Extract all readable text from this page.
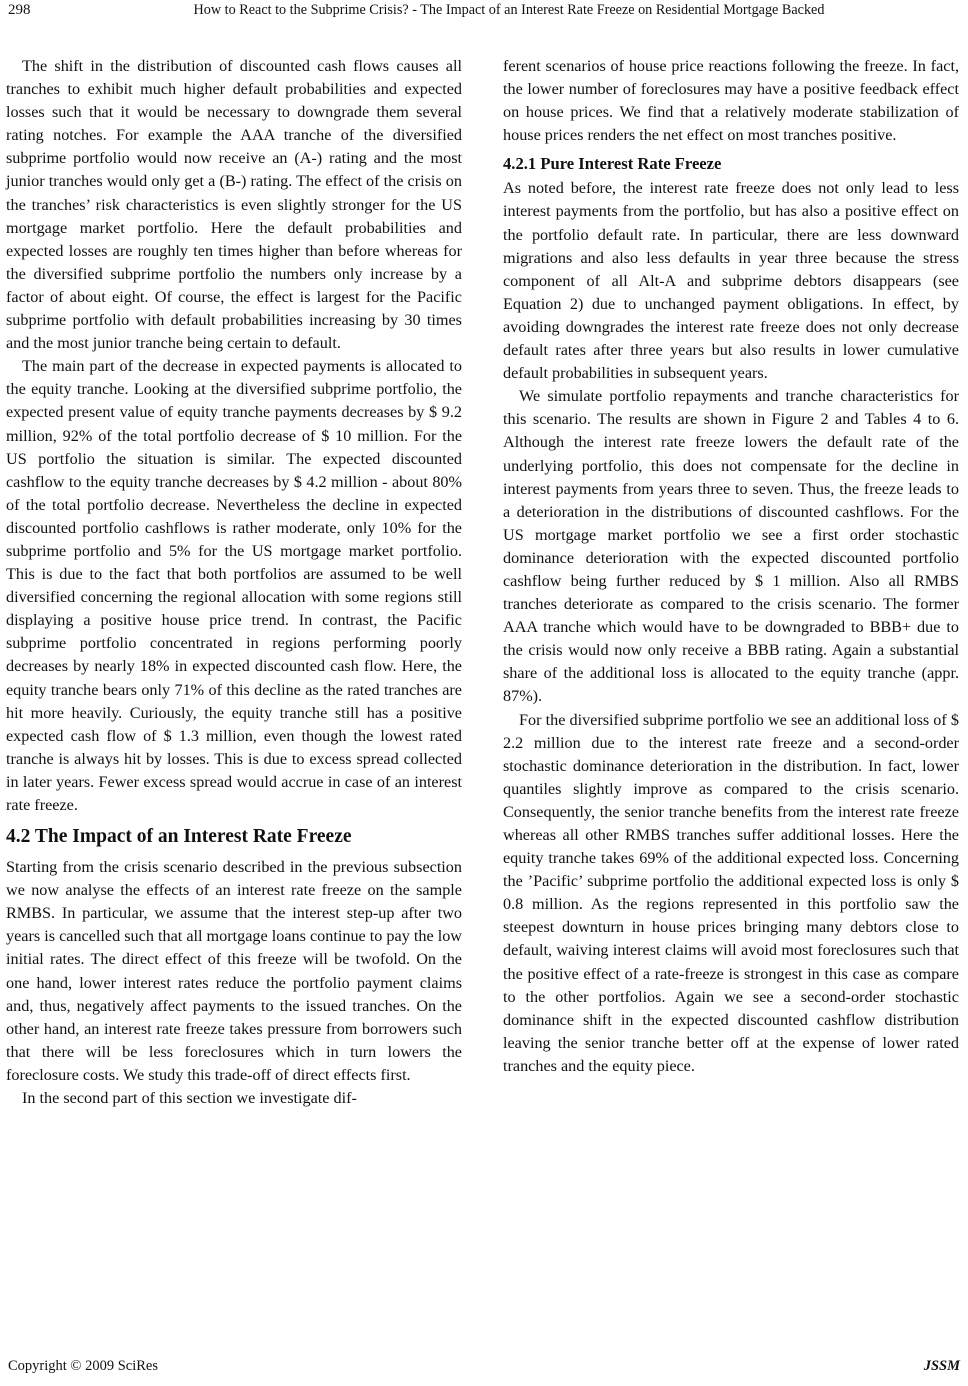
298	How to React to the Subprime Crisis? - The Impact of an Interest Rate Freeze on Residential Mortgage Backed

The shift in the distribution of discounted cash flows causes all tranches to exhibit much higher default probabilities and expected losses such that it would be necessary to downgrade them several rating notches. For example the AAA tranche of the diversified subprime portfolio would now receive an (A-) rating and the most junior tranches would only get a (B-) rating. The effect of the crisis on the tranches’ risk characteristics is even slightly stronger for the US mortgage market portfolio. Here the default probabilities and expected losses are roughly ten times higher than before whereas for the diversified subprime portfolio the numbers only increase by a factor of about eight. Of course, the effect is largest for the Pacific subprime portfolio with default probabilities increasing by 30 times and the most junior tranche being certain to default.

The main part of the decrease in expected payments is allocated to the equity tranche. Looking at the diversified subprime portfolio, the expected present value of equity tranche payments decreases by $ 9.2 million, 92% of the total portfolio decrease of $ 10 million. For the US portfolio the situation is similar. The expected discounted cashflow to the equity tranche decreases by $ 4.2 million - about 80% of the total portfolio decrease. Nevertheless the decline in expected discounted portfolio cashflows is rather moderate, only 10% for the subprime portfolio and 5% for the US mortgage market portfolio. This is due to the fact that both portfolios are assumed to be well diversified concerning the regional allocation with some regions still displaying a positive house price trend. In contrast, the Pacific subprime portfolio concentrated in regions performing poorly decreases by nearly 18% in expected discounted cash flow. Here, the equity tranche bears only 71% of this decline as the rated tranches are hit more heavily. Curiously, the equity tranche still has a positive expected cash flow of $ 1.3 million, even though the lowest rated tranche is always hit by losses. This is due to excess spread collected in later years. Fewer excess spread would accrue in case of an interest rate freeze.

4.2 The Impact of an Interest Rate Freeze

Starting from the crisis scenario described in the previous subsection we now analyse the effects of an interest rate freeze on the sample RMBS. In particular, we assume that the interest step-up after two years is cancelled such that all mortgage loans continue to pay the low initial rates. The direct effect of this freeze will be twofold. On the one hand, lower interest rates reduce the portfolio payment claims and, thus, negatively affect payments to the issued tranches. On the other hand, an interest rate freeze takes pressure from borrowers such that there will be less foreclosures which in turn lowers the foreclosure costs. We study this trade-off of direct effects first.

In the second part of this section we investigate dif-

ferent scenarios of house price reactions following the freeze. In fact, the lower number of foreclosures may have a positive feedback effect on house prices. We find that a relatively moderate stabilization of house prices renders the net effect on most tranches positive.

4.2.1 Pure Interest Rate Freeze

As noted before, the interest rate freeze does not only lead to less interest payments from the portfolio, but has also a positive effect on the portfolio default rate. In particular, there are less downward migrations and also less defaults in year three because the stress component of all Alt-A and subprime debtors disappears (see Equation 2) due to unchanged payment obligations. In effect, by avoiding downgrades the interest rate freeze does not only decrease default rates after three years but also results in lower cumulative default probabilities in subsequent years.

We simulate portfolio repayments and tranche characteristics for this scenario. The results are shown in Figure 2 and Tables 4 to 6. Although the interest rate freeze lowers the default rate of the underlying portfolio, this does not compensate for the decline in interest payments from years three to seven. Thus, the freeze leads to a deterioration in the distributions of discounted cashflows. For the US mortgage market portfolio we see a first order stochastic dominance deterioration with the expected discounted portfolio cashflow being further reduced by $ 1 million. Also all RMBS tranches deteriorate as compared to the crisis scenario. The former AAA tranche which would have to be downgraded to BBB+ due to the crisis would now only receive a BBB rating. Again a substantial share of the additional loss is allocated to the equity tranche (appr. 87%).

For the diversified subprime portfolio we see an additional loss of $ 2.2 million due to the interest rate freeze and a second-order stochastic dominance deterioration in the distribution. In fact, lower quantiles slightly improve as compared to the crisis scenario. Consequently, the senior tranche benefits from the interest rate freeze whereas all other RMBS tranches suffer additional losses. Here the equity tranche takes 69% of the additional expected loss. Concerning the ’Pacific’ subprime portfolio the additional expected loss is only $ 0.8 million. As the regions represented in this portfolio saw the steepest downturn in house prices bringing many debtors close to default, waiving interest claims will avoid most foreclosures such that the positive effect of a rate-freeze is strongest in this case as compare to the other portfolios. Again we see a second-order stochastic dominance shift in the expected discounted cashflow distribution leaving the senior tranche better off at the expense of lower rated tranches and the equity piece.

Copyright © 2009 SciRes	JSSM
